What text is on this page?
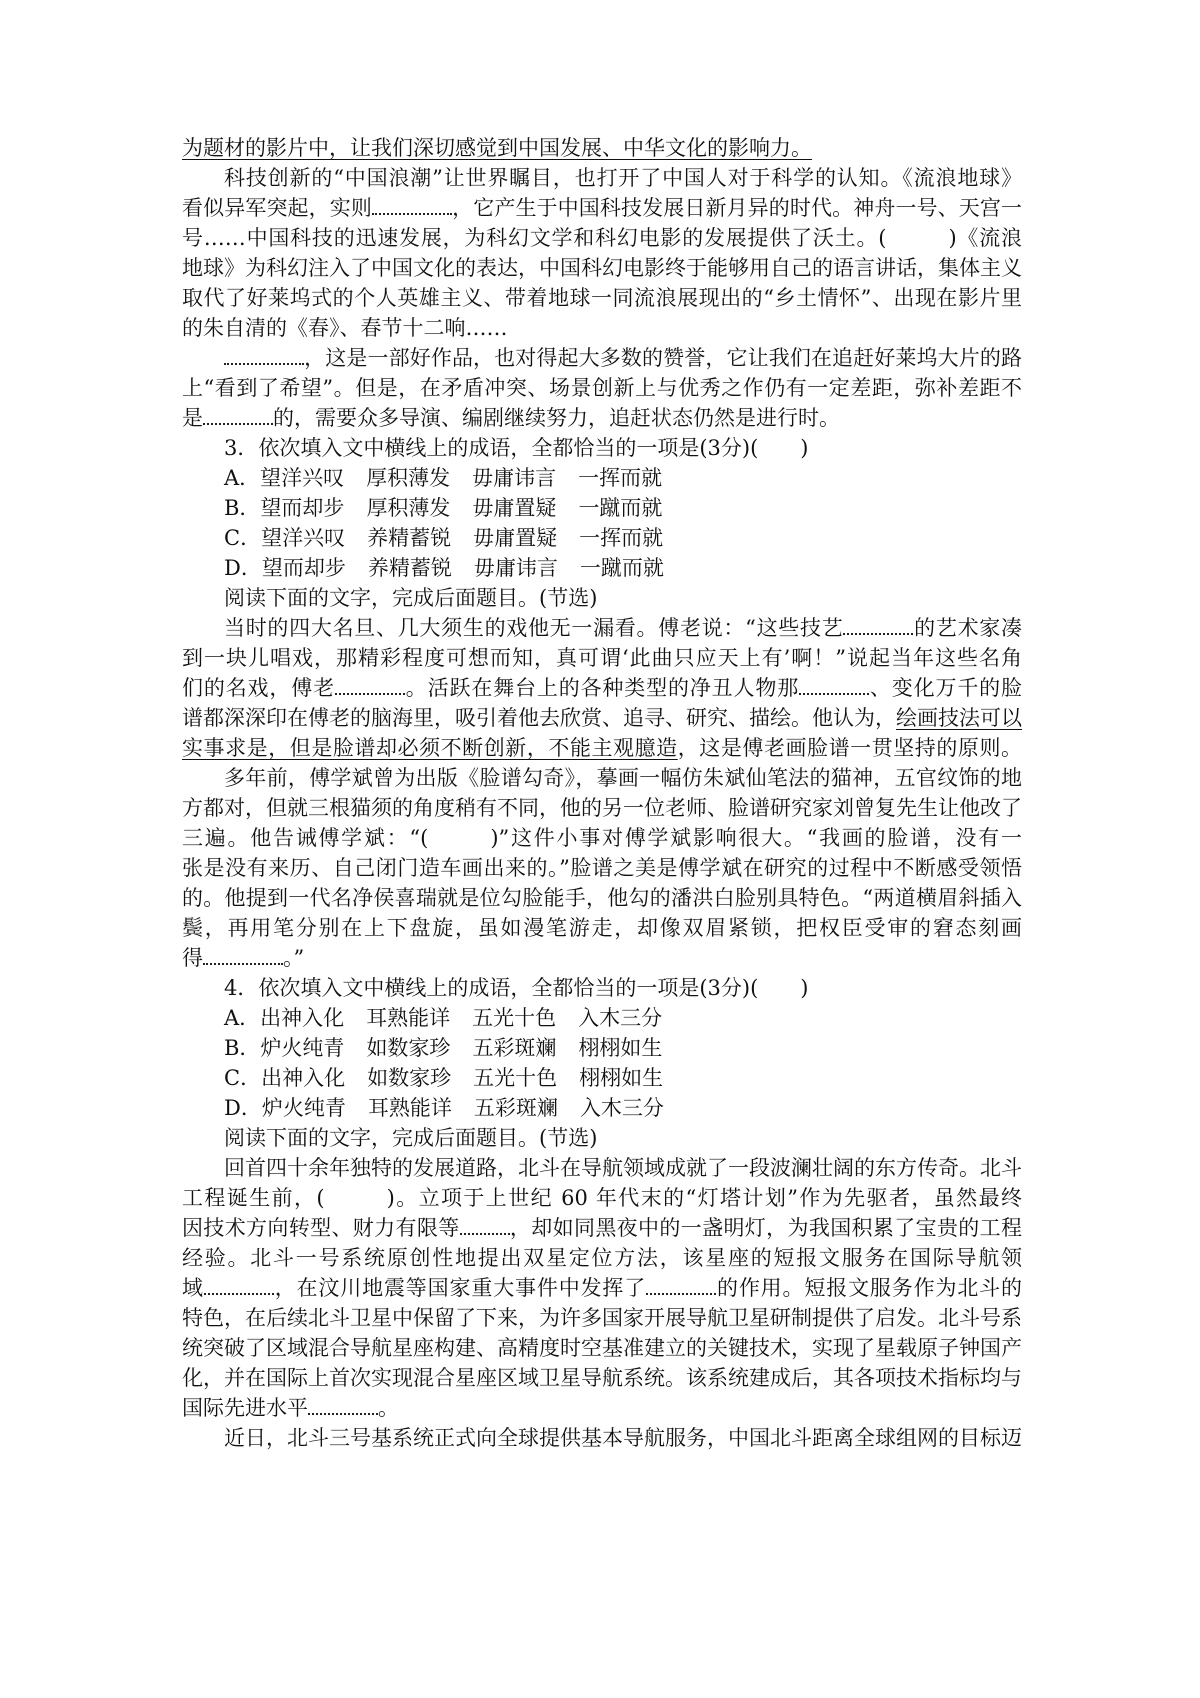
为题材的影片中，让我们深切感觉到中国发展、中华文化的影响力。
科技创新的“中国浪潮”让世界瞩目，也打开了中国人对于科学的认知。《流浪地球》
看似异军突起，实则	，它产生于中国科技发展日新月异的时代。神舟一号、天宫一
号……中国科技的迅速发展，为科幻文学和科幻电影的发展提供了沃土。(	)《流浪
地球》为科幻注入了中国文化的表达，中国科幻电影终于能够用自己的语言讲话，集体主义
取代了好莱坞式的个人英雄主义、带着地球一同流浪展现出的“乡土情怀”、出现在影片里
的朱自清的《春》、春节十二响……
，这是一部好作品，也对得起大多数的赞誉，它让我们在追赶好莱坞大片的路
上“看到了希望”。但是，在矛盾冲突、场景创新上与优秀之作仍有一定差距，弥补差距不
是	的，需要众多导演、编剧继续努力，追赶状态仍然是进行时。
3．依次填入文中横线上的成语，全都恰当的一项是(3分)(　　)
A．望洋兴叹 厚积薄发 毋庸讳言 一挥而就
B．望而却步 厚积薄发 毋庸置疑 一蹴而就
C．望洋兴叹 养精蓄锐 毋庸置疑 一挥而就
D．望而却步 养精蓄锐 毋庸讳言 一蹴而就
阅读下面的文字，完成后面题目。(节选)
当时的四大名旦、几大须生的戏他无一漏看。傅老说：“这些技艺	的艺术家凑
到一块儿唱戏，那精彩程度可想而知，真可谓‘此曲只应天上有’啊！”说起当年这些名角
们的名戏，傅老	。活跃在舞台上的各种类型的净丑人物那	、变化万千的脸
谱都深深印在傅老的脑海里，吸引着他去欣赏、追寻、研究、描绘。他认为，绘画技法可以
实事求是，但是脸谱却必须不断创新，不能主观臆造，这是傅老画脸谱一贯坚持的原则。
多年前，傅学斌曾为出版《脸谱勾奇》，摹画一幅仿朱斌仙笔法的猫神，五官纹饰的地
方都对，但就三根猫须的角度稍有不同，他的另一位老师、脸谱研究家刘曾复先生让他改了
三遍。他告诫傅学斌：“(	)”这件小事对傅学斌影响很大。“我画的脸谱，没有一
张是没有来历、自己闭门造车画出来的。”脸谱之美是傅学斌在研究的过程中不断感受领悟
的。他提到一代名净侯喜瑞就是位勾脸能手，他勾的潘洪白脸别具特色。“两道横眉斜插入
鬓，再用笔分别在上下盘旋，虽如漫笔游走，却像双眉紧锁，把权臣受审的窘态刻画
得	。”
4．依次填入文中横线上的成语，全都恰当的一项是(3分)(　　)
A．出神入化 耳熟能详 五光十色 入木三分
B．炉火纯青 如数家珍 五彩斑斓 栩栩如生
C．出神入化 如数家珍 五光十色 栩栩如生
D．炉火纯青 耳熟能详 五彩斑斓 入木三分
阅读下面的文字，完成后面题目。(节选)
回首四十余年独特的发展道路，北斗在导航领域成就了一段波澜壮阔的东方传奇。北斗
工程诞生前，(	)。立项于上世纪 60 年代末的“灯塔计划”作为先驱者，虽然最终
因技术方向转型、财力有限等 ，却如同黑夜中的一盏明灯，为我国积累了宝贵的工程
经验。北斗一号系统原创性地提出双星定位方法，该星座的短报文服务在国际导航领
域	，在汶川地震等国家重大事件中发挥了	的作用。短报文服务作为北斗的
特色，在后续北斗卫星中保留了下来，为许多国家开展导航卫星研制提供了启发。北斗号系
统突破了区域混合导航星座构建、高精度时空基准建立的关键技术，实现了星载原子钟国产
化，并在国际上首次实现混合星座区域卫星导航系统。该系统建成后，其各项技术指标均与
国际先进水平	。
近日，北斗三号基系统正式向全球提供基本导航服务，中国北斗距离全球组网的目标迈
